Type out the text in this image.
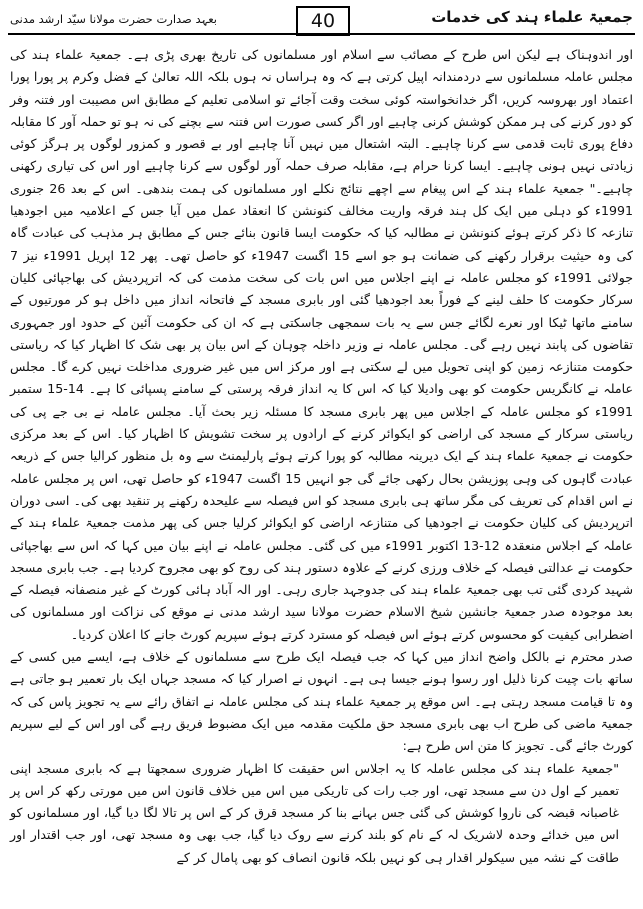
جمعیۃ علماء ہند کی خدمات
40
بعہد صدارت حضرت مولانا سیّد ارشد مدنی

اور اندوہناک ہے لیکن اس طرح کے مصائب سے اسلام اور مسلمانوں کی تاریخ بھری پڑی ہے۔ جمعیۃ علماء ہند کی مجلس عاملہ مسلمانوں سے دردمندانہ اپیل کرتی ہے کہ وہ ہراساں نہ ہوں بلکہ اللہ تعالیٰ کے فضل وکرم پر پورا پورا اعتماد اور بھروسہ کریں، اگر خدانخواستہ کوئی سخت وقت آجائے تو اسلامی تعلیم کے مطابق اس مصیبت اور فتنہ وفر کو دور کرنے کی ہر ممکن کوشش کرنی چاہیے اور اگر کسی صورت اس فتنہ سے بچنے کی نہ ہو تو حملہ آور کا مقابلہ دفاع پوری ثابت قدمی سے کرنا چاہیے۔ البتہ اشتعال میں نہیں آنا چاہیے اور بے قصور و کمزور لوگوں پر ہرگز کوئی زیادتی نہیں ہونی چاہیے۔ ایسا کرنا حرام ہے، مقابلہ صرف حملہ آور لوگوں سے کرنا چاہیے اور اس کی تیاری رکھنی چاہیے۔" جمعیۃ علماء ہند کے اس پیغام سے اچھے نتائج نکلے اور مسلمانوں کی ہمت بندھی۔ اس کے بعد 26 جنوری 1991ء کو دہلی میں ایک کل ہند فرقہ واریت مخالف کنونشن کا انعقاد عمل میں آیا جس کے اعلامیہ میں اجودھیا تنازعہ کا ذکر کرتے ہوئے کنونشن نے مطالبہ کیا کہ حکومت ایسا قانون بنائے جس کے مطابق ہر مذہب کی عبادت گاہ کی وہ حیثیت برقرار رکھنے کی ضمانت ہو جو اسے 15 اگست 1947ء کو حاصل تھی۔ پھر 12 اپریل 1991ء نیز 7 جولائی 1991ء کو مجلس عاملہ نے اپنے اجلاس میں اس بات کی سخت مذمت کی کہ اترپردیش کی بھاجپائی کلیان سرکار حکومت کا حلف لینے کے فوراً بعد اجودھیا گئی اور بابری مسجد کے فاتحانہ انداز میں داخل ہو کر مورتیوں کے سامنے ماتھا ٹیکا اور نعرے لگائے جس سے یہ بات سمجھی جاسکتی ہے کہ ان کی حکومت آئین کے حدود اور جمہوری تقاضوں کی پابند نہیں رہے گی۔ مجلس عاملہ نے وزیر داخلہ چوہان کے اس بیان پر بھی شک کا اظہار کیا کہ ریاستی حکومت متنازعہ زمین کو اپنی تحویل میں لے سکتی ہے اور مرکز اس میں غیر ضروری مداخلت نہیں کرے گا۔ مجلس عاملہ نے کانگریس حکومت کو بھی وادیلا کیا کہ اس کا یہ انداز فرقہ پرستی کے سامنے پسپائی کا ہے۔ 14-15 ستمبر 1991ء کو مجلس عاملہ کے اجلاس میں پھر بابری مسجد کا مسئلہ زیر بحث آیا۔ مجلس عاملہ نے بی جے پی کی ریاستی سرکار کے مسجد کی اراضی کو ایکوائر کرنے کے ارادوں پر سخت تشویش کا اظہار کیا۔ اس کے بعد مرکزی حکومت نے جمعیۃ علماء ہند کے ایک دیرینہ مطالبہ کو پورا کرتے ہوئے پارلیمنٹ سے وہ بل منظور کرالیا جس کے ذریعہ عبادت گاہوں کی وہی پوزیشن بحال رکھی جائے گی جو انہیں 15 اگست 1947ء کو حاصل تھی، اس پر مجلس عاملہ نے اس اقدام کی تعریف کی مگر ساتھ ہی بابری مسجد کو اس فیصلہ سے علیحدہ رکھنے پر تنقید بھی کی۔ اسی دوران اترپردیش کی کلیان حکومت نے اجودھیا کی متنازعہ اراضی کو ایکوائر کرلیا جس کی پھر مذمت جمعیۃ علماء ہند کے عاملہ کے اجلاس منعقدہ 12-13 اکتوبر 1991ء میں کی گئی۔ مجلس عاملہ نے اپنے بیان میں کہا کہ اس سے بھاجپائی حکومت نے عدالتی فیصلہ کے خلاف ورزی کرنے کے علاوہ دستور ہند کی روح کو بھی مجروح کردیا ہے۔ جب بابری مسجد شہید کردی گئی تب بھی جمعیۃ علماء ہند کی جدوجہد جاری رہی۔ اور الہ آباد ہائی کورٹ کے غیر منصفانہ فیصلہ کے بعد موجودہ صدر جمعیۃ جانشین شیخ الاسلام حضرت مولانا سید ارشد مدنی نے موقع کی نزاکت اور مسلمانوں کی اضطرابی کیفیت کو محسوس کرتے ہوئے اس فیصلہ کو مسترد کرتے ہوئے سپریم کورٹ جانے کا اعلان کردیا۔

صدر محترم نے بالکل واضح انداز میں کہا کہ جب فیصلہ ایک طرح سے مسلمانوں کے خلاف ہے، ایسے میں کسی کے ساتھ بات چیت کرنا ذلیل اور رسوا ہونے جیسا ہی ہے۔ انہوں نے اصرار کیا کہ مسجد جہاں ایک بار تعمیر ہو جاتی ہے وہ تا قیامت مسجد رہتی ہے۔ اس موقع پر جمعیۃ علماء ہند کی مجلس عاملہ نے اتفاق رائے سے یہ تجویز پاس کی کہ جمعیۃ ماضی کی طرح اب بھی بابری مسجد حق ملکیت مقدمہ میں ایک مضبوط فریق رہے گی اور اس کے لیے سپریم کورٹ جائے گی۔ تجویز کا متن اس طرح ہے:

"جمعیۃ علماء ہند کی مجلس عاملہ کا یہ اجلاس اس حقیقت کا اظہار ضروری سمجھتا ہے کہ بابری مسجد اپنی تعمیر کے اول دن سے مسجد تھی، اور جب رات کی تاریکی میں اس میں خلاف قانون اس میں مورتی رکھ کر اس پر غاصبانہ قبضہ کی ناروا کوشش کی گئی جس بہانے بنا کر مسجد قرق کر کے اس پر تالا لگا دیا گیا، اور مسلمانوں کو اس میں خدائے وحدہ لاشریک لہ کے نام کو بلند کرنے سے روک دیا گیا، جب بھی وہ مسجد تھی، اور جب اقتدار اور طاقت کے نشہ میں سیکولر اقدار ہی کو نہیں بلکہ قانون انصاف کو بھی پامال کر کے
